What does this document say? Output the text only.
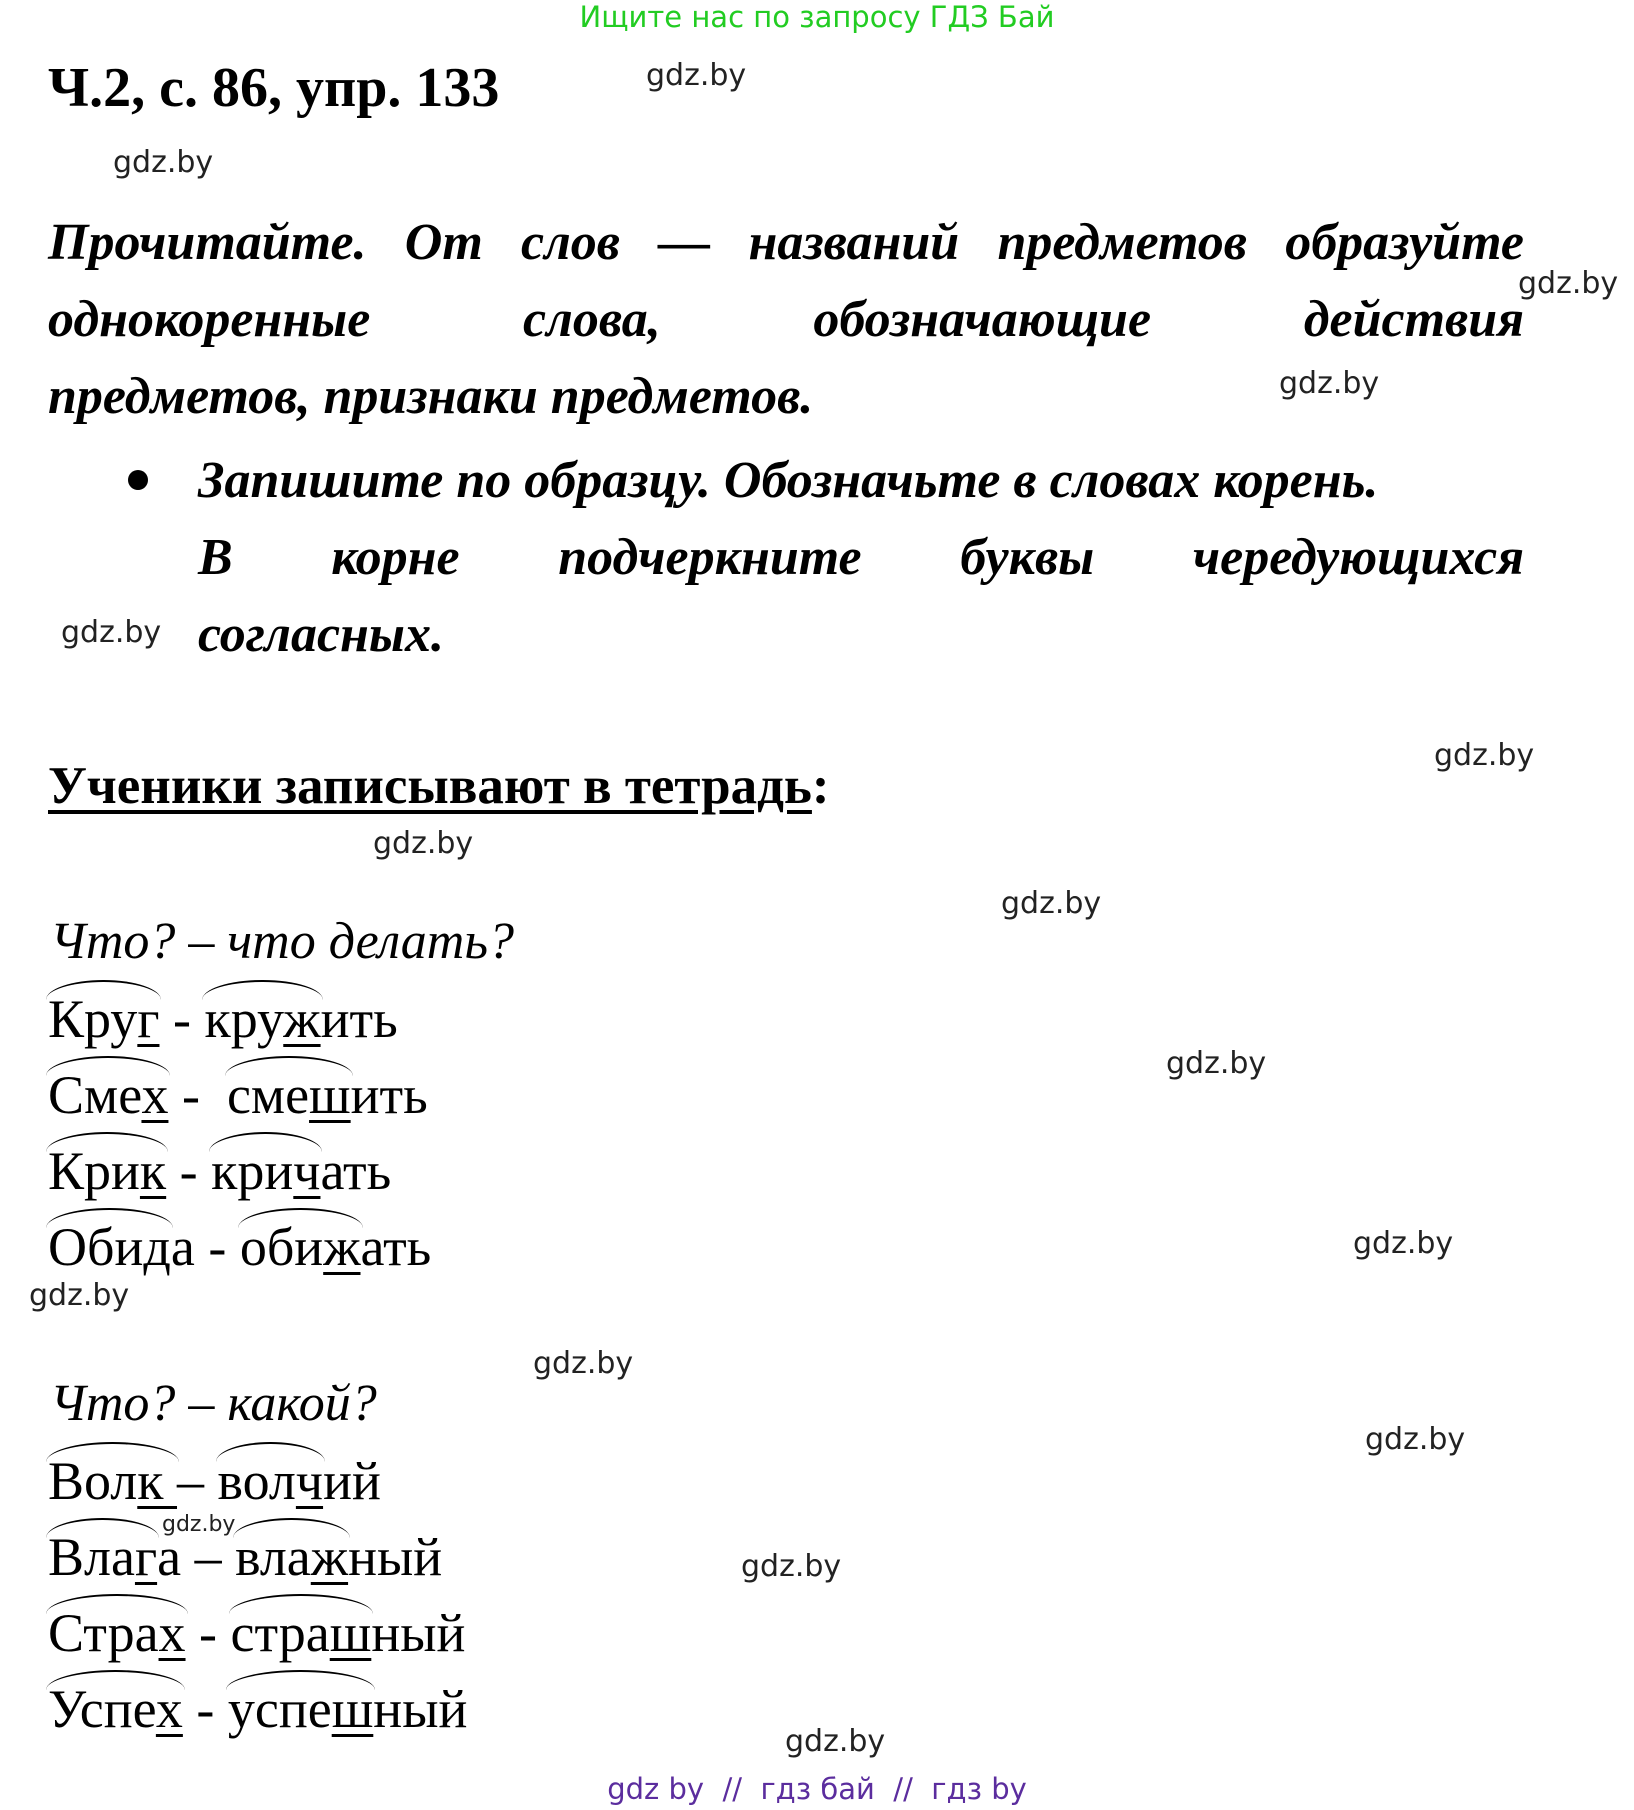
Ищите нас по запросу ГДЗ Бай
Ч.2, с. 86, упр. 133
Прочитайте. От слов — названий предметов образуйте
однокоренные	слова,	обозначающие	действия
предметов, признаки предметов.
Запишите по образцу. Обозначьте в словах корень.
В корне подчеркните буквы чередующихся
согласных.
Ученики записывают в тетрадь:
Что? – что делать?
Круг - кружить
Смех -  смешить
Крик - кричать
Обида - обижать
Что? – какой?
Волк – волчий
Влага – влажный
Страх - страшный
Успех - успешный
gdz.by
gdz.by
gdz.by
gdz.by
gdz.by
gdz.by
gdz.by
gdz.by
gdz.by
gdz.by
gdz.by
gdz.by
gdz.by
gdz.by
gdz.by
gdz.by
gdz by  //  гдз бай  //  гдз by
